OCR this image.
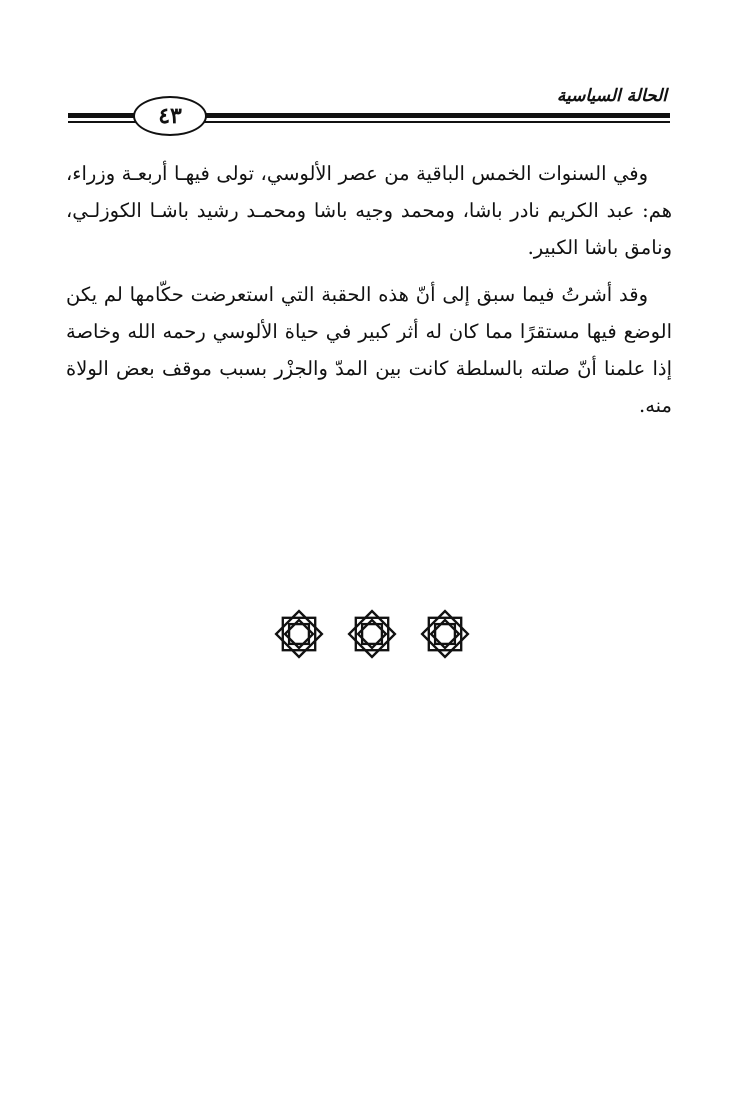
الحالة السياسية
٤٣

وفي السنوات الخمس الباقية من عصر الألوسي، تولى فيهـا أربعـة وزراء، هم: عبد الكريم نادر باشا، ومحمد وجيه باشا ومحمـد رشيد باشـا الكوزلـي، ونامق باشا الكبير.

وقد أشرتُ فيما سبق إلى أنّ هذه الحقبة التي استعرضت حكّامها لم يكن الوضع فيها مستقرًا مما كان له أثر كبير في حياة الألوسي رحمه الله وخاصة إذا علمنا أنّ صلته بالسلطة كانت بين المدّ والجزْر بسبب موقف بعض الولاة منه.
